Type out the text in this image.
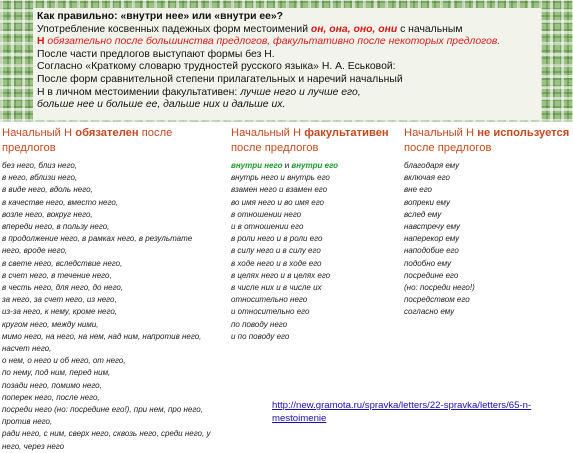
Как правильно: «внутри нее» или «внутри ее»?

Употребление косвенных падежных форм местоимений он, она, оно, они с начальным

Н обязательно после большинства предлогов, факультативно после некоторых предлогов.

После части предлогов выступают формы без Н.

Согласно «Краткому словарю трудностей русского языка» Н. А. Еськовой:

После форм сравнительной степени прилагательных и наречий начальный

Н в личном местоимении факультативен: лучше него и лучше его,

больше нее и больше ее, дальше них и дальше их.

Начальный Н обязателен после
предлогов
без него, близ него,
в него, вблизи него,
в виде него, вдоль него,
в качестве него, вместо него,
возле него, вокруг него,
впереди него, в пользу него,
в продолжение него, в рамках него, в результате
него, вроде него,
в свете него, вследствие него,
в счет него, в течение него,
в честь него, для него, до него,
за него, за счет него, из него,
из-за него, к нему, кроме него,
кругом него, между ними,
мимо него, на него, на нем, над ним, напротив него,
насчет него,
о нем, о него и об него, от него,
по нему, под ним, перед ним,
позади него, помимо него,
поперек него, после него,
посреди него (но: посредине его!), при нем, про него,
против него,
ради него, с ним, сверх него, сквозь него, среди него, у
него, через него
Начальный Н факультативен
после предлогов
внутри него и внутри его
внутрь него и внутрь его
взамен него и взамен его
во имя него и во имя его
в отношении него
и в отношении его
в роли него и в роли его
в силу него и в силу его
в ходе него и в ходе его
в целях него и в целях его
в числе них и в числе их
относительно него
и относительно его
по поводу него
и по поводу его
Начальный Н не используется
после предлогов
благодаря ему
включая его
вне его
вопреки ему
вслед ему
навстречу ему
наперекор ему
наподобие его
подобно ему
посредине его
(но: посреди него!)
посредством его
согласно ему
http://new.gramota.ru/spravka/letters/22-spravka/letters/65-n-
mestoimenie
